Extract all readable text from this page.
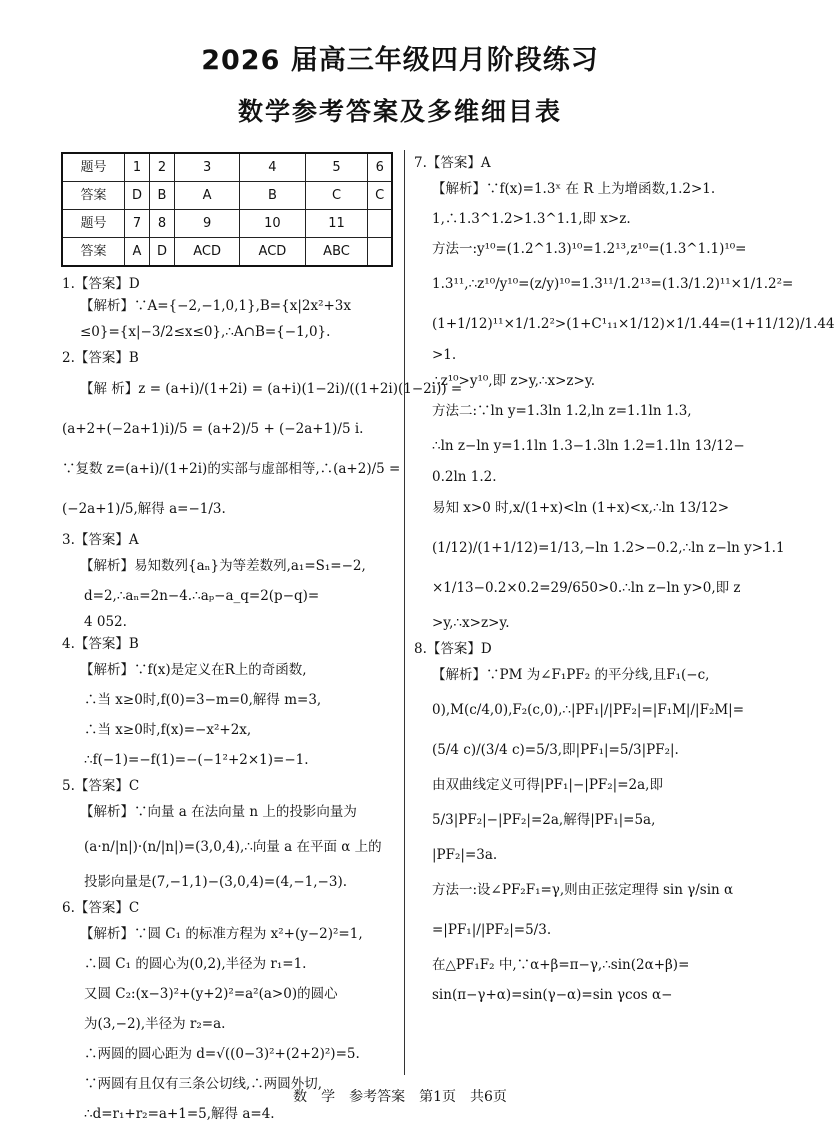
2026 届高三年级四月阶段练习
数学参考答案及多维细目表
题号	1	2	3	4	5	6
答案	D	B	A	B	C	C
题号	7	8	9	10	11	
答案	A	D	ACD	ACD	ABC	
1.【答案】D
【解析】∵A={−2,−1,0,1},B={x|2x²+3x
≤0}={x|−3/2≤x≤0},∴A∩B={−1,0}.
2.【答案】B
【解 析】z = (a+i)/(1+2i) = (a+i)(1−2i)/((1+2i)(1−2i)) =
(a+2+(−2a+1)i)/5 = (a+2)/5 + (−2a+1)/5 i.
∵复数 z=(a+i)/(1+2i)的实部与虚部相等,∴(a+2)/5 =
(−2a+1)/5,解得 a=−1/3.
3.【答案】A
【解析】易知数列{aₙ}为等差数列,a₁=S₁=−2,
d=2,∴aₙ=2n−4.∴aₚ−a_q=2(p−q)=
4 052.
4.【答案】B
【解析】∵f(x)是定义在R上的奇函数,
∴当 x≥0时,f(0)=3−m=0,解得 m=3,
∴当 x≥0时,f(x)=−x²+2x,
∴f(−1)=−f(1)=−(−1²+2×1)=−1.
5.【答案】C
【解析】∵向量 a 在法向量 n 上的投影向量为
(a·n/|n|)·(n/|n|)=(3,0,4),∴向量 a 在平面 α 上的
投影向量是(7,−1,1)−(3,0,4)=(4,−1,−3).
6.【答案】C
【解析】∵圆 C₁ 的标准方程为 x²+(y−2)²=1,
∴圆 C₁ 的圆心为(0,2),半径为 r₁=1.
又圆 C₂:(x−3)²+(y+2)²=a²(a>0)的圆心
为(3,−2),半径为 r₂=a.
∴两圆的圆心距为 d=√((0−3)²+(2+2)²)=5.
∵两圆有且仅有三条公切线,∴两圆外切,
∴d=r₁+r₂=a+1=5,解得 a=4.
7.【答案】A
【解析】∵f(x)=1.3ˣ 在 R 上为增函数,1.2>1.
1,∴1.3^1.2>1.3^1.1,即 x>z.
方法一:y¹⁰=(1.2^1.3)¹⁰=1.2¹³,z¹⁰=(1.3^1.1)¹⁰=
1.3¹¹,∴z¹⁰/y¹⁰=(z/y)¹⁰=1.3¹¹/1.2¹³=(1.3/1.2)¹¹×1/1.2²=
(1+1/12)¹¹×1/1.2²>(1+C¹₁₁×1/12)×1/1.44=(1+11/12)/1.44
>1.
∴z¹⁰>y¹⁰,即 z>y,∴x>z>y.
方法二:∵ln y=1.3ln 1.2,ln z=1.1ln 1.3,
∴ln z−ln y=1.1ln 1.3−1.3ln 1.2=1.1ln 13/12−
0.2ln 1.2.
易知 x>0 时,x/(1+x)<ln (1+x)<x,∴ln 13/12>
(1/12)/(1+1/12)=1/13,−ln 1.2>−0.2,∴ln z−ln y>1.1
×1/13−0.2×0.2=29/650>0.∴ln z−ln y>0,即 z
>y,∴x>z>y.
8.【答案】D
【解析】∵PM 为∠F₁PF₂ 的平分线,且F₁(−c,
0),M(c/4,0),F₂(c,0),∴|PF₁|/|PF₂|=|F₁M|/|F₂M|=
(5/4 c)/(3/4 c)=5/3,即|PF₁|=5/3|PF₂|.
由双曲线定义可得|PF₁|−|PF₂|=2a,即
5/3|PF₂|−|PF₂|=2a,解得|PF₁|=5a,
|PF₂|=3a.
方法一:设∠PF₂F₁=γ,则由正弦定理得 sin γ/sin α
=|PF₁|/|PF₂|=5/3.
在△PF₁F₂ 中,∵α+β=π−γ,∴sin(2α+β)=
sin(π−γ+α)=sin(γ−α)=sin γcos α−
数　学　参考答案　第1页　共6页
